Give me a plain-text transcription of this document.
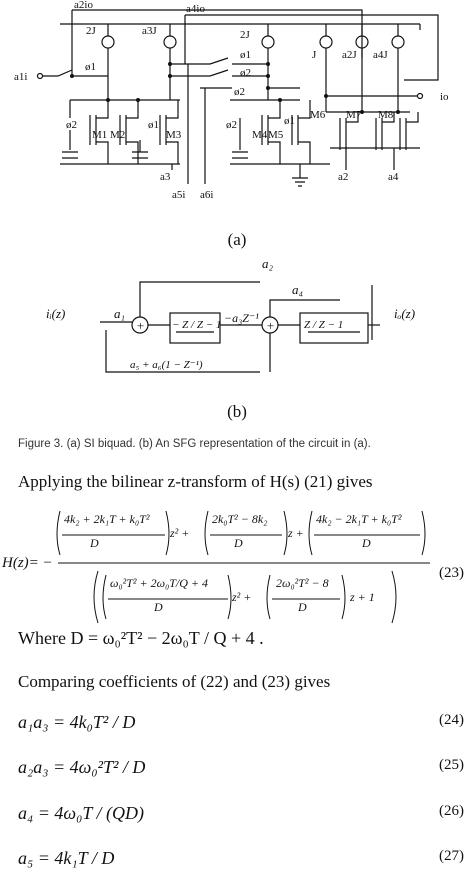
a2io	a4io
2J	a3J	2J
J a2J a4J
a1i
ø1
ø1
ø2
ø2	io
ø2	ø1	ø2	ø1
M1 M2	M3	M4 M5
M6 M7 M8
a3
a5i a6i
a2	a4
(a)
a₂
a₄
iᵢ(z)	a₁
+	+
− Z / Z − 1 −a₃Z⁻¹	Z / Z − 1
iₒ(z)
a₅ + a₆(1 − Z⁻¹)
(b)
Figure 3. (a) SI biquad. (b) An SFG representation of the circuit in (a).
Applying the bilinear z-transform of H(s) (21) gives
H(z)= −
4k₂ + 2k₁T + k₀T²
D
z² +
2k₀T² − 8k₂
D
z +
4k₂ − 2k₁T + k₀T²
D
ω₀²T² + 2ω₀T/Q + 4
D
z² +
2ω₀²T² − 8
D
z + 1
(23)
Where D = ω₀²T² − 2ω₀T / Q + 4 .
Comparing coefficients of (22) and (23) gives
a₁a₃ = 4k₀T² / D	(24)
a₂a₃ = 4ω₀²T² / D	(25)
a₄ = 4ω₀T / (QD)	(26)
a₅ = 4k₁T / D	(27)
